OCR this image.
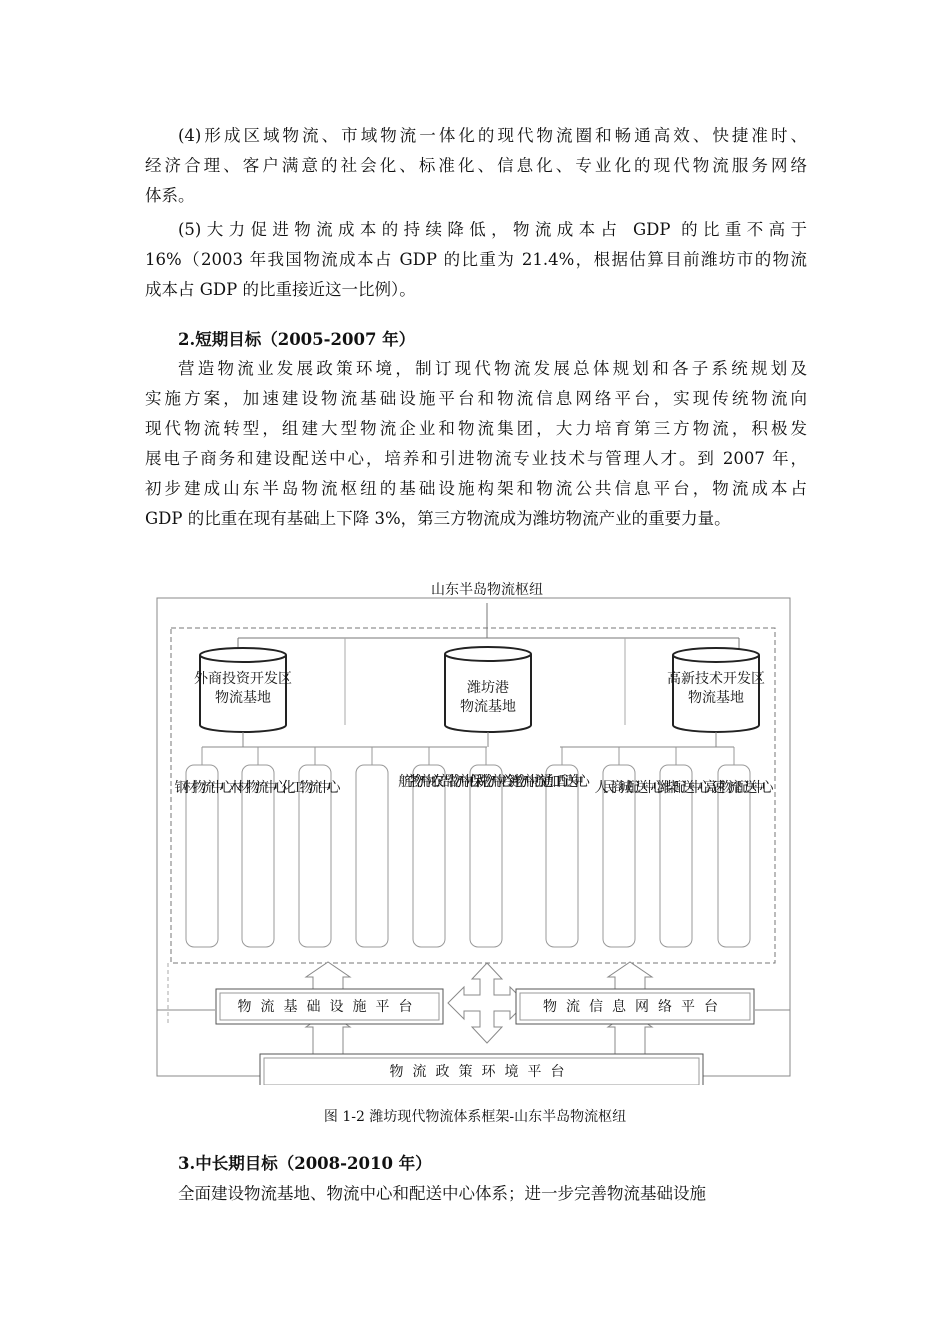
(4)形成区域物流、市域物流一体化的现代物流圈和畅通高效、快捷准时、
经济合理、客户满意的社会化、标准化、信息化、专业化的现代物流服务网络
体系。
(5)大力促进物流成本的持续降低，物流成本占 GDP 的比重不高于
16%（2003 年我国物流成本占 GDP 的比重为 21.4%，根据估算目前潍坊市的物流
成本占 GDP 的比重接近这一比例）。
2.短期目标（2005-2007 年）
营造物流业发展政策环境，制订现代物流发展总体规划和各子系统规划及
实施方案，加速建设物流基础设施平台和物流信息网络平台，实现传统物流向
现代物流转型，组建大型物流企业和物流集团，大力培育第三方物流，积极发
展电子商务和建设配送中心，培养和引进物流专业技术与管理人才。到 2007 年，
初步建成山东半岛物流枢纽的基础设施构架和物流公共信息平台，物流成本占
GDP 的比重在现有基础上下降 3%，第三方物流成为潍坊物流产业的重要力量。
山东半岛物流枢纽
外商投资开发区
物流基地
潍坊港
物流基地
高新技术开发区
物流基地
钢材物流中心 木材物流中心 化工物流中心	航空物流中心 农产品物流中心 保税物流中心 冷链物流中心 流通加工配送中心 人民商城配送中心 潍柴配送中心 高速物流配送中心
物流基础设施平台	物流信息网络平台
物流政策环境平台
图 1-2 潍坊现代物流体系框架-山东半岛物流枢纽
3.中长期目标（2008-2010 年）
全面建设物流基地、物流中心和配送中心体系；进一步完善物流基础设施
